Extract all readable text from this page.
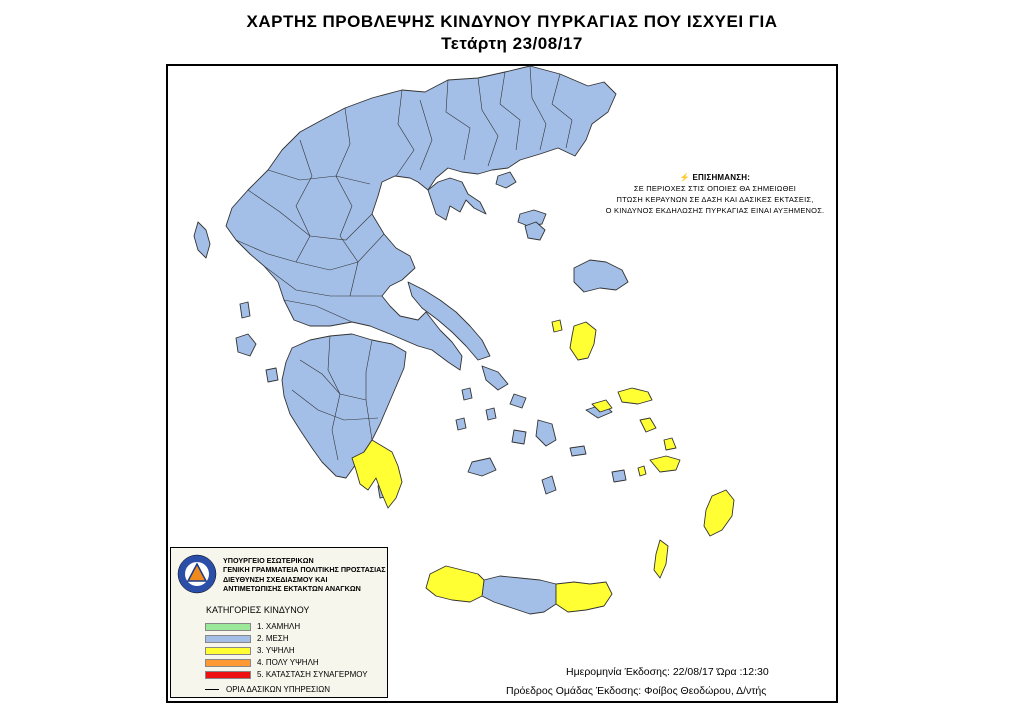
ΧΑΡΤΗΣ ΠΡΟΒΛΕΨΗΣ ΚΙΝΔΥΝΟΥ ΠΥΡΚΑΓΙΑΣ ΠΟΥ ΙΣΧΥΕΙ ΓΙΑ
Τετάρτη 23/08/17
⚡ ΕΠΙΣΗΜΑΝΣΗ:
ΣΕ ΠΕΡΙΟΧΕΣ ΣΤΙΣ ΟΠΟΙΕΣ ΘΑ ΣΗΜΕΙΩΘΕΙ
ΠΤΩΣΗ ΚΕΡΑΥΝΩΝ ΣΕ ΔΑΣΗ ΚΑΙ ΔΑΣΙΚΕΣ ΕΚΤΑΣΕΙΣ,
Ο ΚΙΝΔΥΝΟΣ ΕΚΔΗΛΩΣΗΣ ΠΥΡΚΑΓΙΑΣ ΕΙΝΑΙ ΑΥΞΗΜΕΝΟΣ.
ΥΠΟΥΡΓΕΙΟ ΕΣΩΤΕΡΙΚΩΝ
ΓΕΝΙΚΗ ΓΡΑΜΜΑΤΕΙΑ ΠΟΛΙΤΙΚΗΣ ΠΡΟΣΤΑΣΙΑΣ
ΔΙΕΥΘΥΝΣΗ ΣΧΕΔΙΑΣΜΟΥ ΚΑΙ
ΑΝΤΙΜΕΤΩΠΙΣΗΣ ΕΚΤΑΚΤΩΝ ΑΝΑΓΚΩΝ
ΚΑΤΗΓΟΡΙΕΣ ΚΙΝΔΥΝΟΥ
1. ΧΑΜΗΛΗ
2. ΜΕΣΗ
3. ΥΨΗΛΗ
4. ΠΟΛΥ ΥΨΗΛΗ
5. ΚΑΤΑΣΤΑΣΗ ΣΥΝΑΓΕΡΜΟΥ
ΟΡΙΑ ΔΑΣΙΚΩΝ ΥΠΗΡΕΣΙΩΝ
Ημερομηνία Έκδοσης: 22/08/17 Ώρα :12:30
Πρόεδρος Ομάδας Έκδοσης: Φοίβος Θεοδώρου, Δ/ντής
